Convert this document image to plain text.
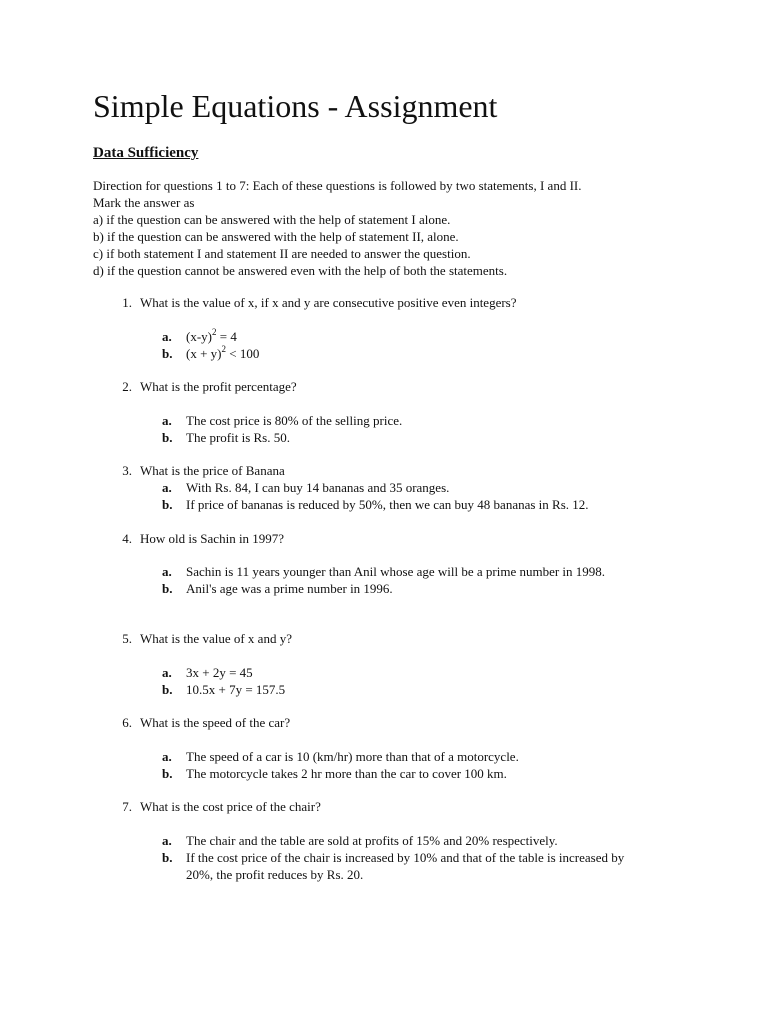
Simple Equations - Assignment
Data Sufficiency
Direction for questions 1 to 7: Each of these questions is followed by two statements, I and II.
Mark the answer as
a) if the question can be answered with the help of statement I alone.
b) if the question can be answered with the help of statement II, alone.
c) if both statement I and statement II are needed to answer the question.
d) if the question cannot be answered even with the help of both the statements.
1. What is the value of x, if x and y are consecutive positive even integers?
a. $(x-y)^2 = 4$
b. $(x + y)^2 < 100$
2. What is the profit percentage?
a. The cost price is 80% of the selling price.
b. The profit is Rs. 50.
3. What is the price of Banana
a. With Rs. 84, I can buy 14 bananas and 35 oranges.
b. If price of bananas is reduced by 50%, then we can buy 48 bananas in Rs. 12.
4. How old is Sachin in 1997?
a. Sachin is 11 years younger than Anil whose age will be a prime number in 1998.
b. Anil's age was a prime number in 1996.
5. What is the value of x and y?
a. 3x + 2y = 45
b. 10.5x + 7y = 157.5
6. What is the speed of the car?
a. The speed of a car is 10 (km/hr) more than that of a motorcycle.
b. The motorcycle takes 2 hr more than the car to cover 100 km.
7. What is the cost price of the chair?
a. The chair and the table are sold at profits of 15% and 20% respectively.
b. If the cost price of the chair is increased by 10% and that of the table is increased by 20%, the profit reduces by Rs. 20.
